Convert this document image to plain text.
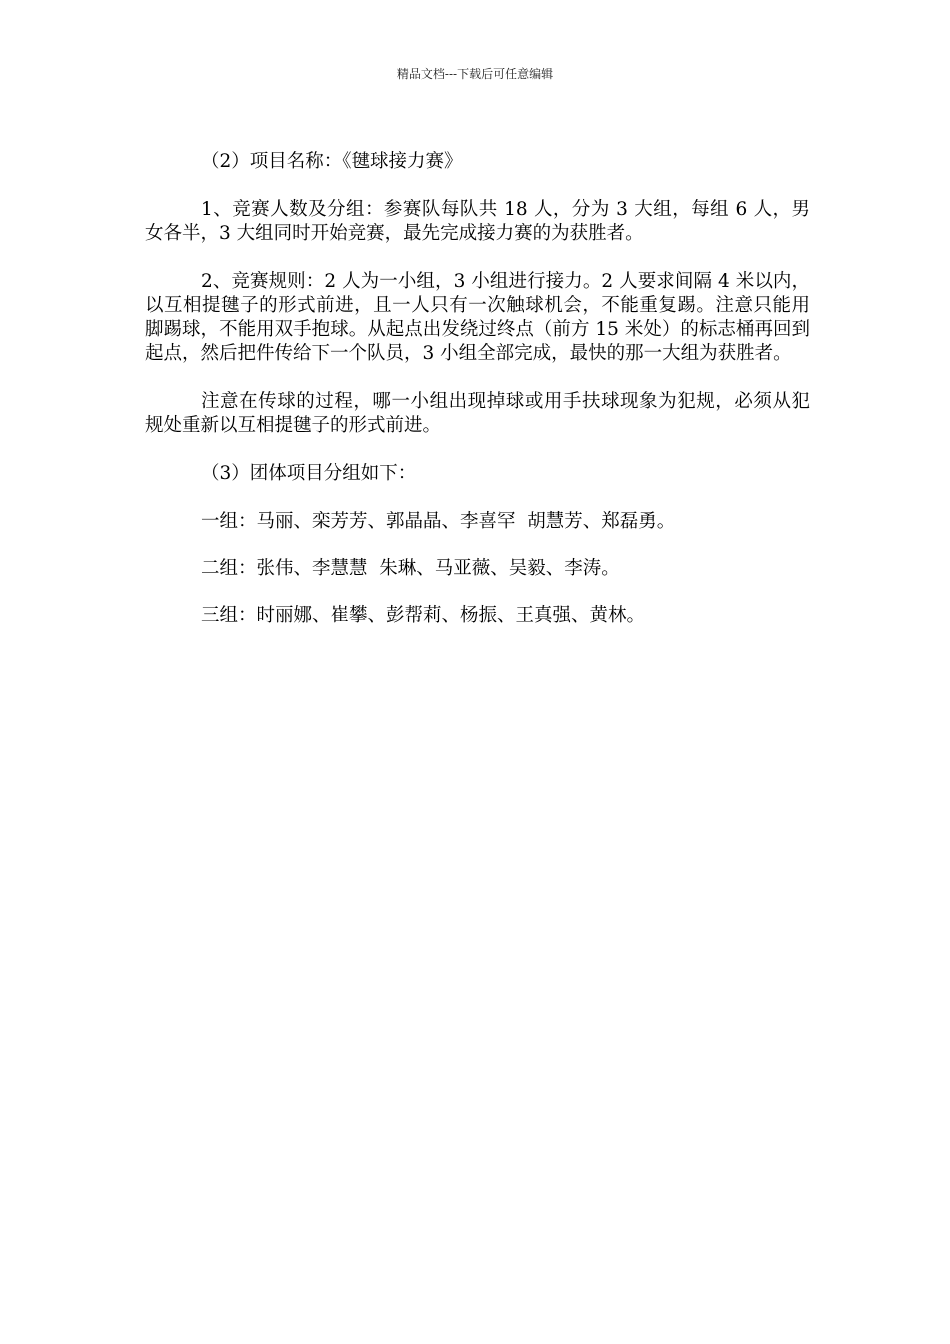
精品文档---下载后可任意编辑

（2）项目名称：《毽球接力赛》

1、竞赛人数及分组：参赛队每队共 18 人，分为 3 大组，每组 6 人，男女各半，3 大组同时开始竞赛，最先完成接力赛的为获胜者。

2、竞赛规则：2 人为一小组，3 小组进行接力。2 人要求间隔 4 米以内，以互相提毽子的形式前进，且一人只有一次触球机会，不能重复踢。注意只能用脚踢球，不能用双手抱球。从起点出发绕过终点（前方 15 米处）的标志桶再回到起点，然后把件传给下一个队员，3 小组全部完成，最快的那一大组为获胜者。

注意在传球的过程，哪一小组出现掉球或用手扶球现象为犯规，必须从犯规处重新以互相提毽子的形式前进。

（3）团体项目分组如下：

一组：马丽、栾芳芳、郭晶晶、李喜罕  胡慧芳、郑磊勇。

二组：张伟、李慧慧  朱琳、马亚薇、吴毅、李涛。

三组：时丽娜、崔攀、彭帮莉、杨振、王真强、黄林。
